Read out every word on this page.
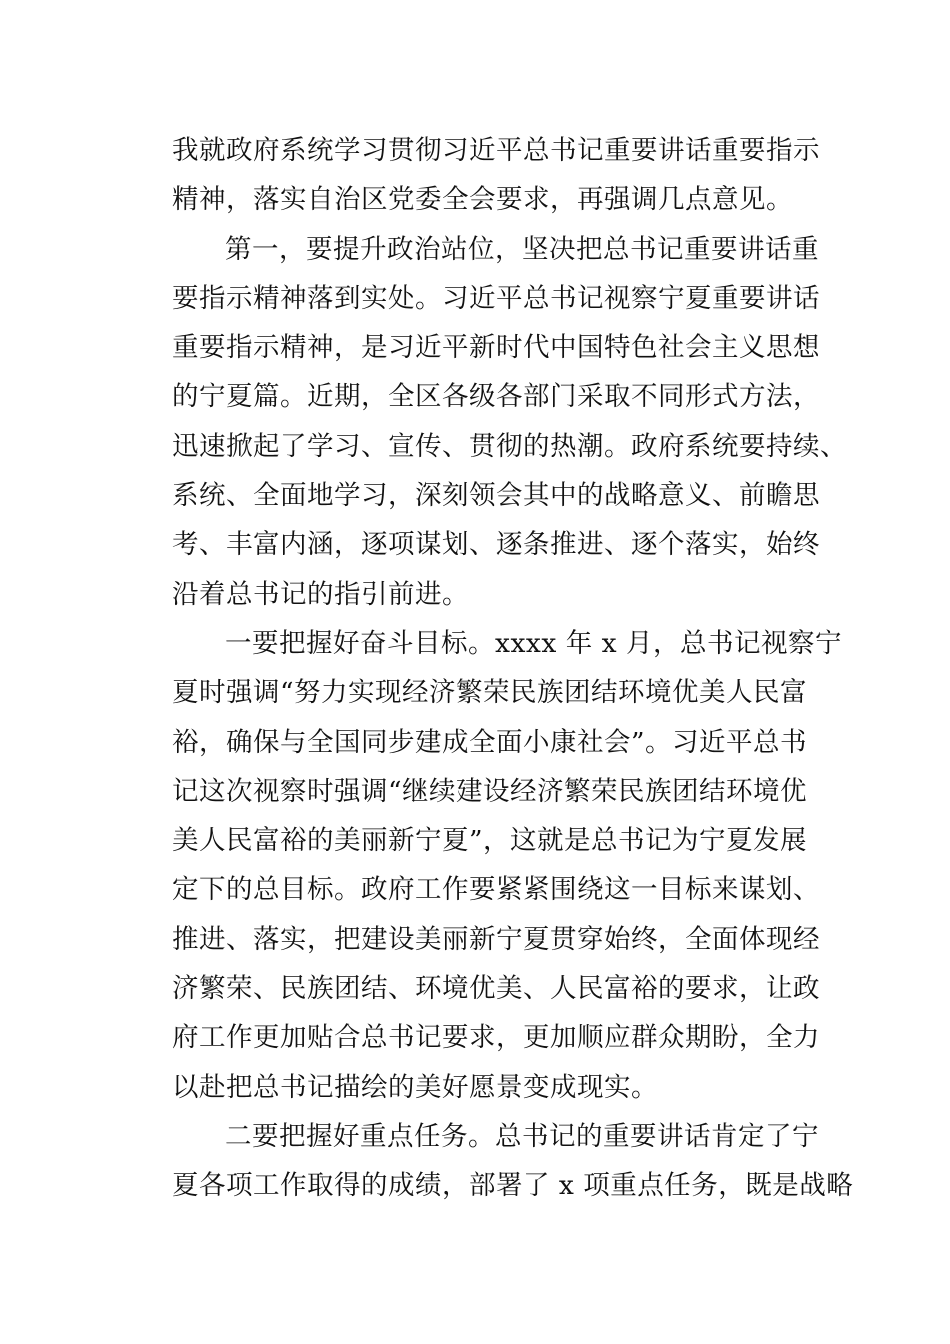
我就政府系统学习贯彻习近平总书记重要讲话重要指示
精神，落实自治区党委全会要求，再强调几点意见。
第一，要提升政治站位，坚决把总书记重要讲话重
要指示精神落到实处。习近平总书记视察宁夏重要讲话
重要指示精神，是习近平新时代中国特色社会主义思想
的宁夏篇。近期，全区各级各部门采取不同形式方法，
迅速掀起了学习、宣传、贯彻的热潮。政府系统要持续、
系统、全面地学习，深刻领会其中的战略意义、前瞻思
考、丰富内涵，逐项谋划、逐条推进、逐个落实，始终
沿着总书记的指引前进。
一要把握好奋斗目标。xxxx 年 x 月，总书记视察宁
夏时强调“努力实现经济繁荣民族团结环境优美人民富
裕，确保与全国同步建成全面小康社会”。习近平总书
记这次视察时强调“继续建设经济繁荣民族团结环境优
美人民富裕的美丽新宁夏”，这就是总书记为宁夏发展
定下的总目标。政府工作要紧紧围绕这一目标来谋划、
推进、落实，把建设美丽新宁夏贯穿始终，全面体现经
济繁荣、民族团结、环境优美、人民富裕的要求，让政
府工作更加贴合总书记要求，更加顺应群众期盼，全力
以赴把总书记描绘的美好愿景变成现实。
二要把握好重点任务。总书记的重要讲话肯定了宁
夏各项工作取得的成绩，部署了 x 项重点任务，既是战略
